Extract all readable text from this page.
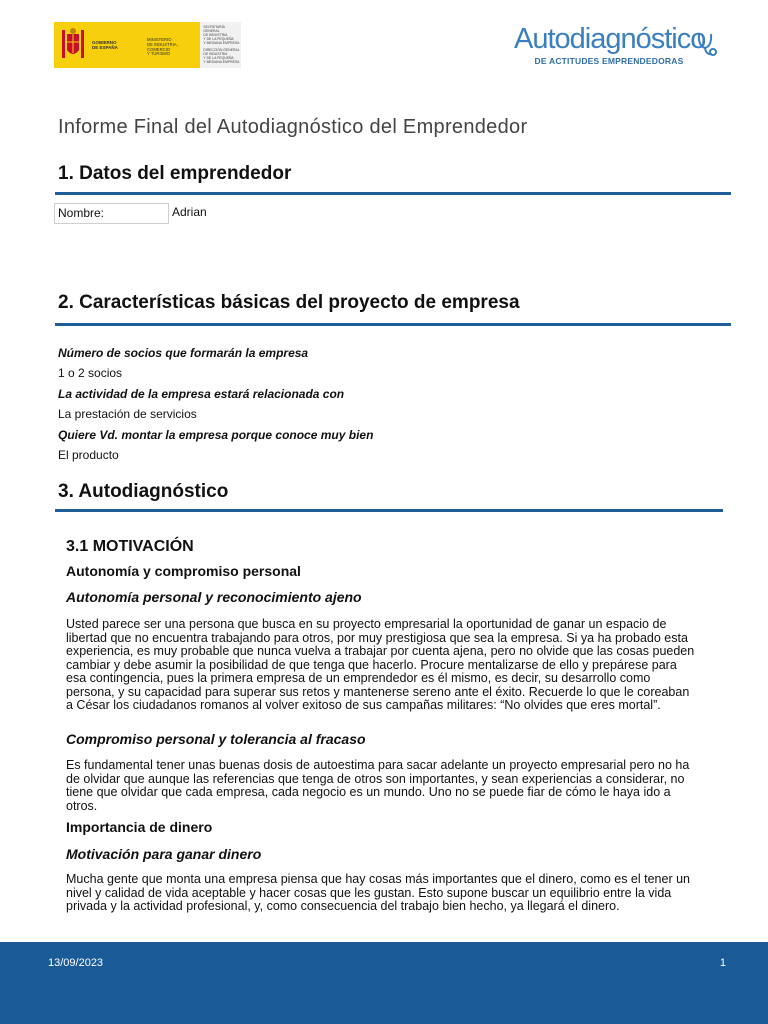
GOBIERNO
DE ESPAÑA
MINISTERIO
DE INDUSTRIA, COMERCIO
Y TURISMO
SECRETARÍA GENERAL
DE INDUSTRIA
Y DE LA PEQUEÑA
Y MEDIANA EMPRESA
DIRECCIÓN GENERAL
DE INDUSTRIA
Y DE LA PEQUEÑA
Y MEDIANA EMPRESA
Autodiagnóstico
DE ACTITUDES EMPRENDEDORAS
Informe Final del Autodiagnóstico del Emprendedor
1. Datos del emprendedor
Nombre:	Adrian
2. Características básicas del proyecto de empresa
Número de socios que formarán la empresa
1 o 2 socios
La actividad de la empresa estará relacionada con
La prestación de servicios
Quiere Vd. montar la empresa porque conoce muy bien
El producto
3. Autodiagnóstico
3.1 MOTIVACIÓN
Autonomía y compromiso personal
Autonomía personal y reconocimiento ajeno

Usted parece ser una persona que busca en su proyecto empresarial la oportunidad de ganar un espacio de libertad que no encuentra trabajando para otros, por muy prestigiosa que sea la empresa. Si ya ha probado esta experiencia, es muy probable que nunca vuelva a trabajar por cuenta ajena, pero no olvide que las cosas pueden cambiar y debe asumir la posibilidad de que tenga que hacerlo. Procure mentalizarse de ello y prepárese para esa contingencia, pues la primera empresa de un emprendedor es él mismo, es decir, su desarrollo como persona, y su capacidad para superar sus retos y mantenerse sereno ante el éxito. Recuerde lo que le coreaban a César los ciudadanos romanos al volver exitoso de sus campañas militares: “No olvides que eres mortal”.

Compromiso personal y tolerancia al fracaso

Es fundamental tener unas buenas dosis de autoestima para sacar adelante un proyecto empresarial pero no ha de olvidar que aunque las referencias que tenga de otros son importantes, y sean experiencias a considerar, no tiene que olvidar que cada empresa, cada negocio es un mundo. Uno no se puede fiar de cómo le haya ido a otros.

Importancia de dinero
Motivación para ganar dinero

Mucha gente que monta una empresa piensa que hay cosas más importantes que el dinero, como es el tener un nivel y calidad de vida aceptable y hacer cosas que les gustan. Esto supone buscar un equilibrio entre la vida privada y la actividad profesional, y, como consecuencia del trabajo bien hecho, ya llegará el dinero.

13/09/2023	1
